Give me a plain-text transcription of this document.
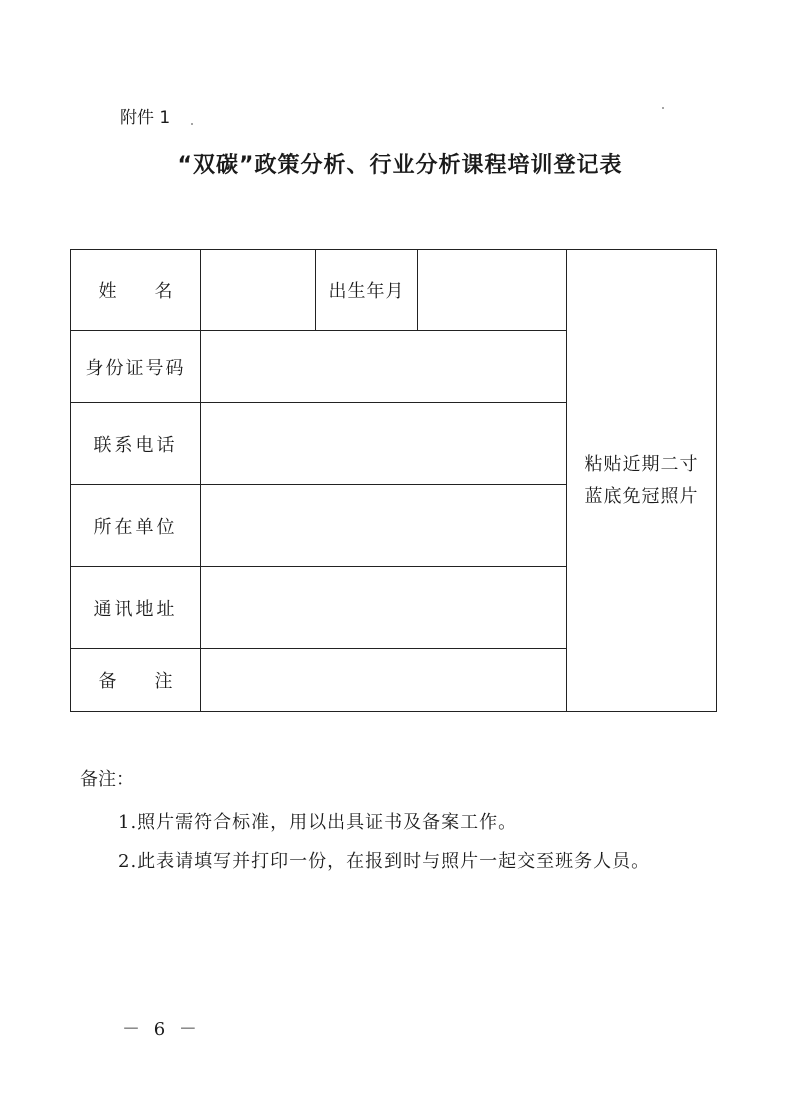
附件 1
“双碳”政策分析、行业分析课程培训登记表
姓 名		出生年月		粘贴近期二寸
蓝底免冠照片

身份证号码				
联系电话				
所在单位				
通讯地址				
备 注				
备注：
1.照片需符合标准，用以出具证书及备案工作。
2.此表请填写并打印一份，在报到时与照片一起交至班务人员。
－ 6 －
